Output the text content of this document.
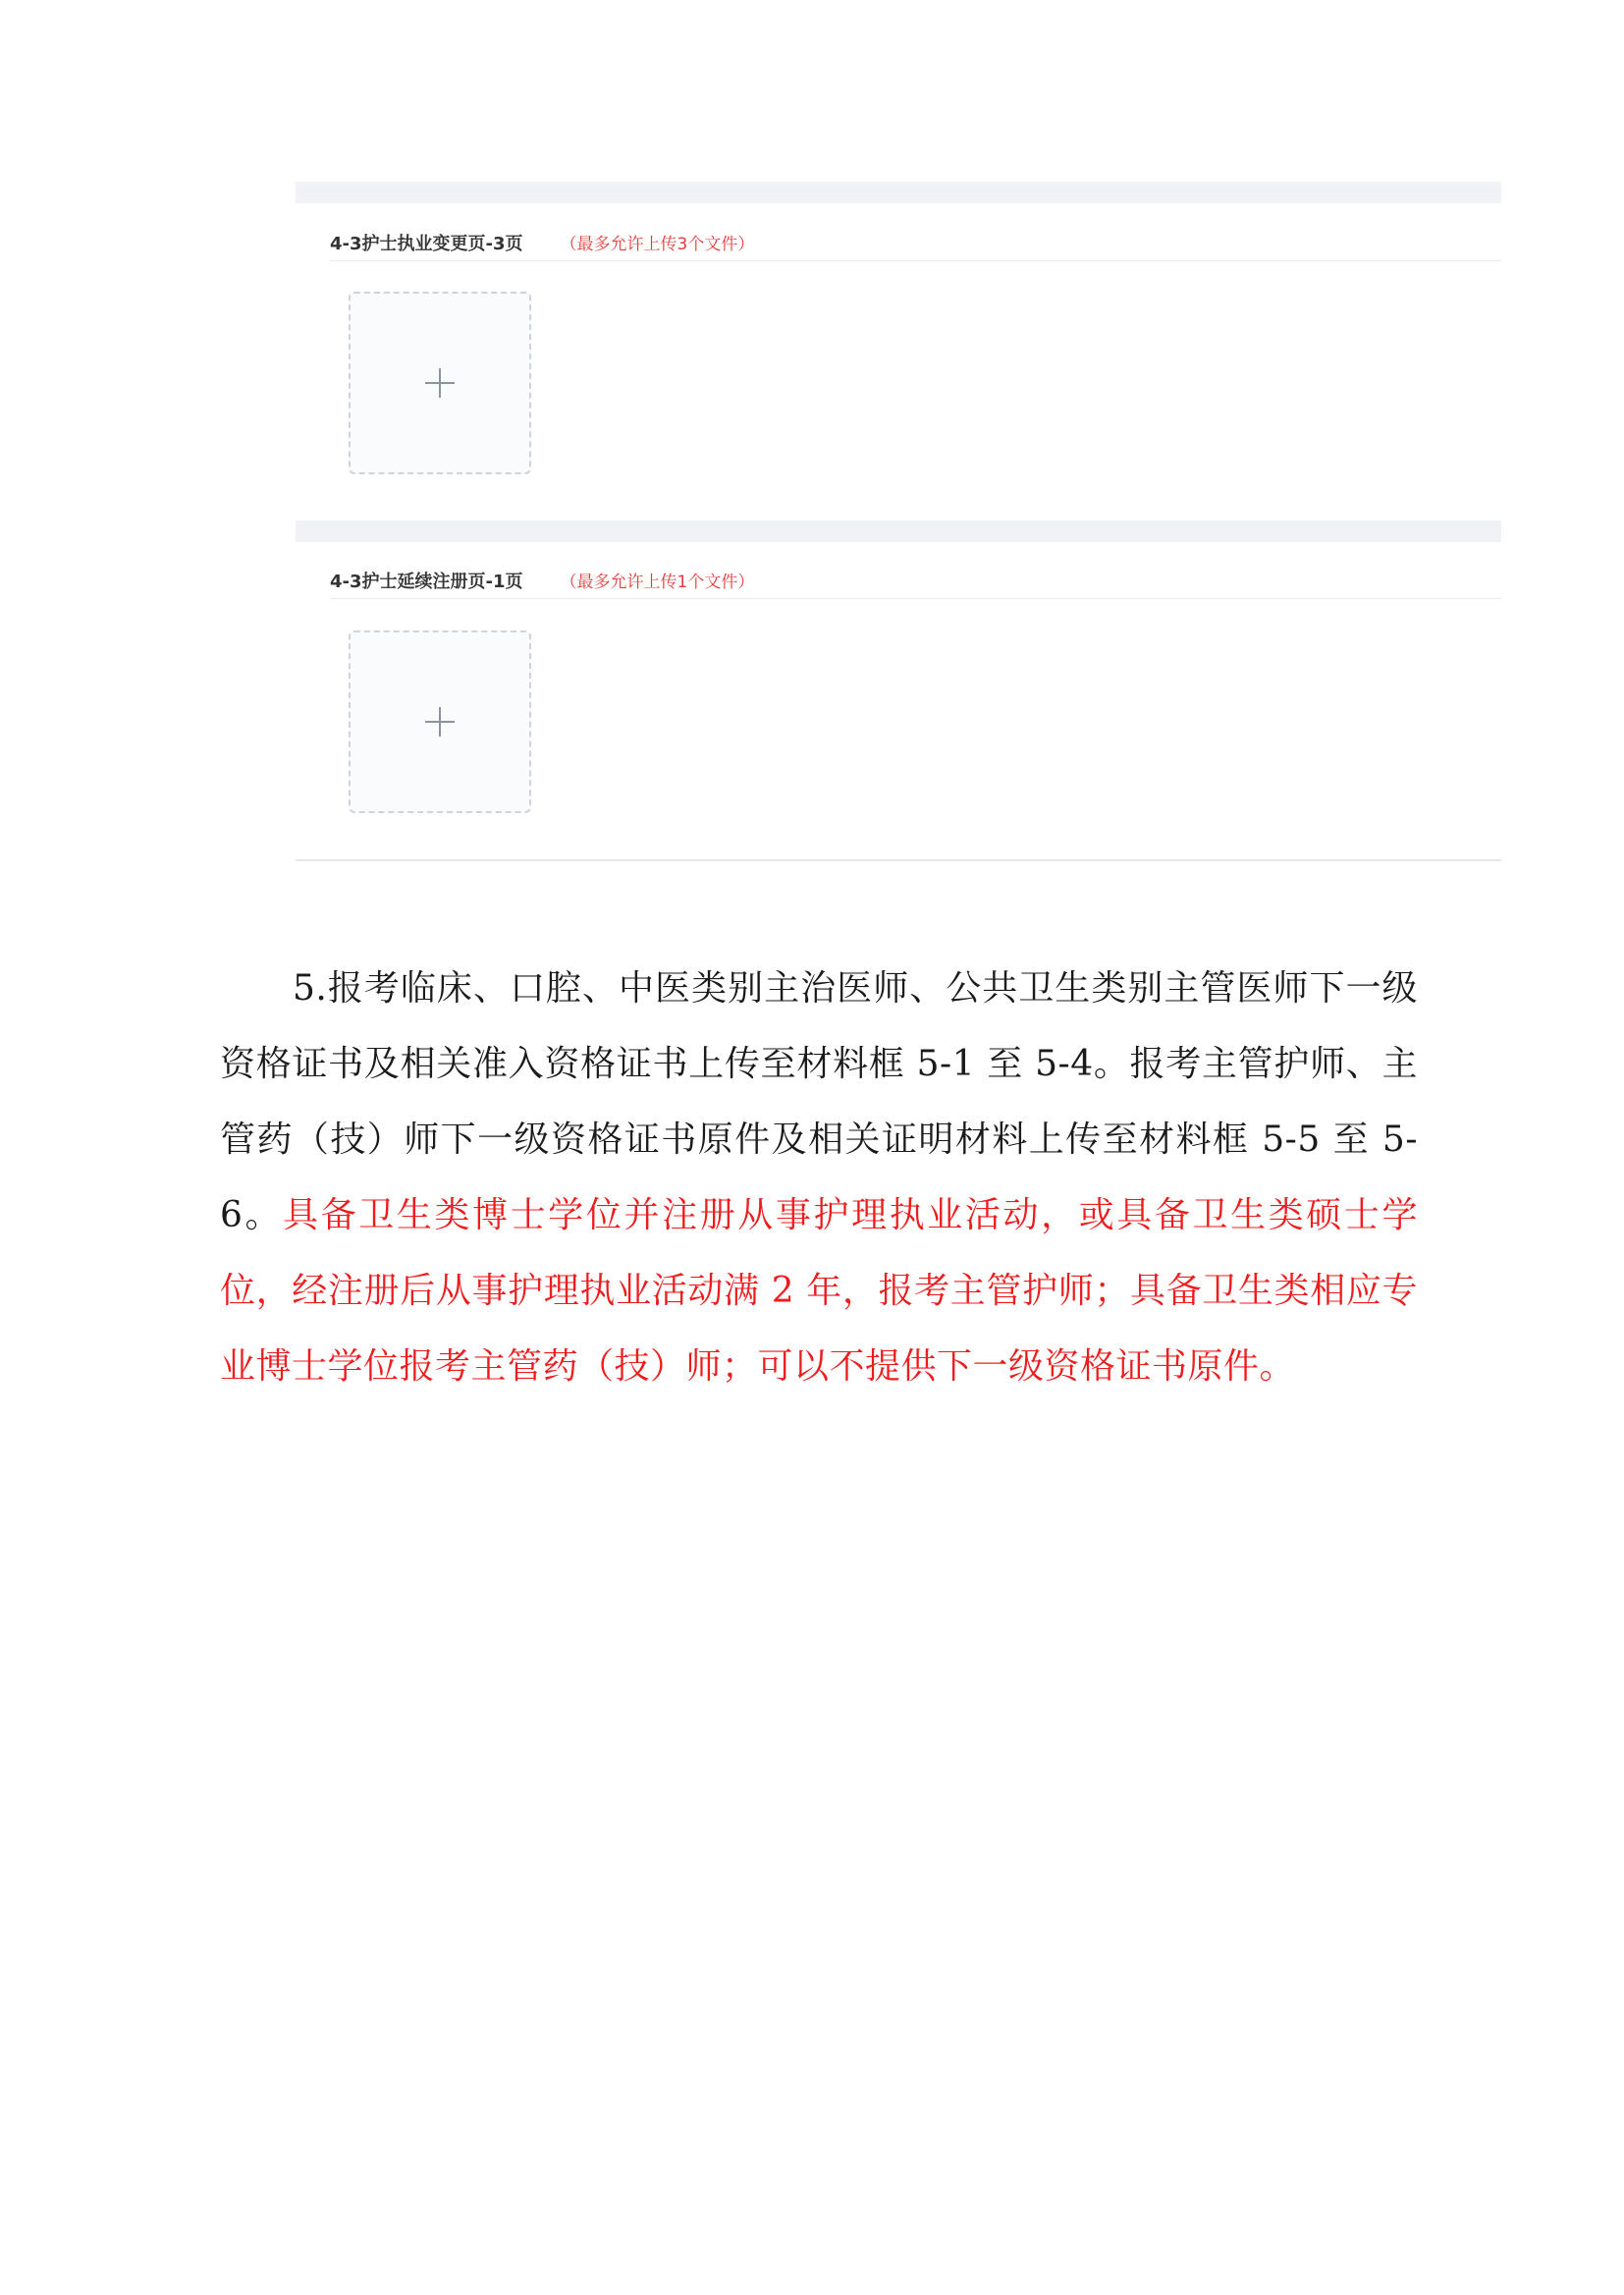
4-3护士执业变更页-3页 （最多允许上传3个文件）
4-3护士延续注册页-1页 （最多允许上传1个文件）

5.报考临床、口腔、中医类别主治医师、公共卫生类别主管医师下一级资格证书及相关准入资格证书上传至材料框 5-1 至 5-4。报考主管护师、主管药（技）师下一级资格证书原件及相关证明材料上传至材料框 5-5 至 5-6。具备卫生类博士学位并注册从事护理执业活动，或具备卫生类硕士学位，经注册后从事护理执业活动满 2 年，报考主管护师；具备卫生类相应专业博士学位报考主管药（技）师；可以不提供下一级资格证书原件。
